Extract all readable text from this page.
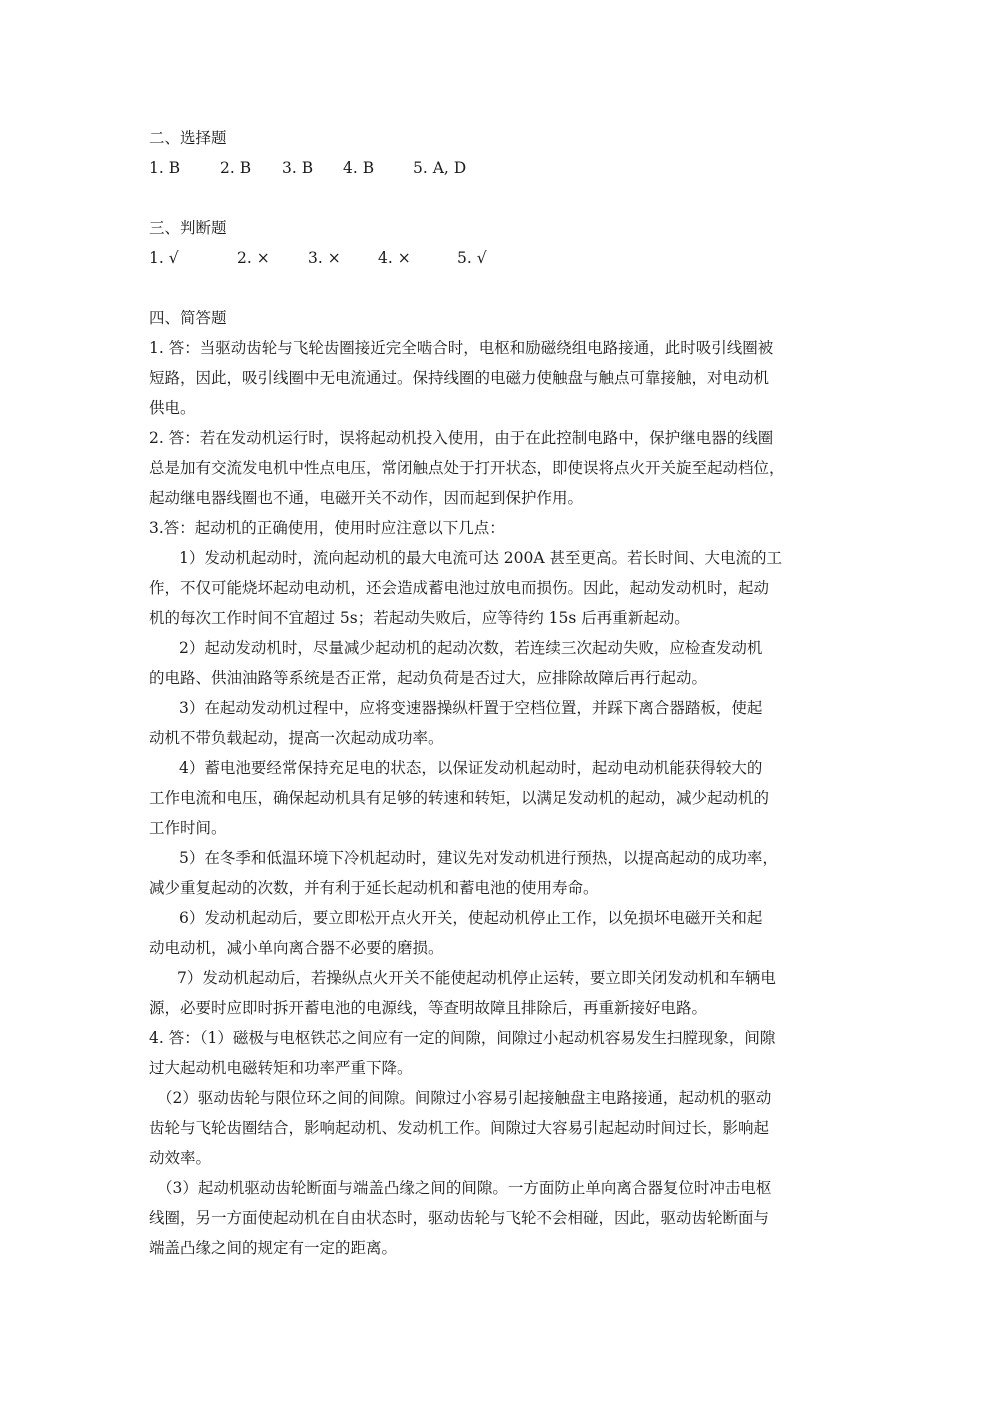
二、选择题
1. B	2. B 3. B 4. B	5. A, D
三、判断题
1. √	2. × 3. × 4. ×	5. √
四、简答题
1. 答：当驱动齿轮与飞轮齿圈接近完全啮合时，电枢和励磁绕组电路接通，此时吸引线圈被
短路，因此，吸引线圈中无电流通过。保持线圈的电磁力使触盘与触点可靠接触，对电动机
供电。
2. 答：若在发动机运行时，误将起动机投入使用，由于在此控制电路中，保护继电器的线圈
总是加有交流发电机中性点电压，常闭触点处于打开状态，即使误将点火开关旋至起动档位，
起动继电器线圈也不通，电磁开关不动作，因而起到保护作用。
3.答：起动机的正确使用，使用时应注意以下几点：
1）发动机起动时，流向起动机的最大电流可达 200A 甚至更高。若长时间、大电流的工
作，不仅可能烧坏起动电动机，还会造成蓄电池过放电而损伤。因此，起动发动机时，起动
机的每次工作时间不宜超过 5s；若起动失败后，应等待约 15s 后再重新起动。
2）起动发动机时，尽量减少起动机的起动次数，若连续三次起动失败，应检查发动机
的电路、供油油路等系统是否正常，起动负荷是否过大，应排除故障后再行起动。
3）在起动发动机过程中，应将变速器操纵杆置于空档位置，并踩下离合器踏板，使起
动机不带负载起动，提高一次起动成功率。
4）蓄电池要经常保持充足电的状态，以保证发动机起动时，起动电动机能获得较大的
工作电流和电压，确保起动机具有足够的转速和转矩，以满足发动机的起动，减少起动机的
工作时间。
5）在冬季和低温环境下冷机起动时，建议先对发动机进行预热，以提高起动的成功率，
减少重复起动的次数，并有利于延长起动机和蓄电池的使用寿命。
6）发动机起动后，要立即松开点火开关，使起动机停止工作，以免损坏电磁开关和起
动电动机，减小单向离合器不必要的磨损。
7）发动机起动后，若操纵点火开关不能使起动机停止运转，要立即关闭发动机和车辆电
源，必要时应即时拆开蓄电池的电源线，等查明故障且排除后，再重新接好电路。
4. 答：（1）磁极与电枢铁芯之间应有一定的间隙，间隙过小起动机容易发生扫膛现象，间隙
过大起动机电磁转矩和功率严重下降。
（2）驱动齿轮与限位环之间的间隙。间隙过小容易引起接触盘主电路接通，起动机的驱动
齿轮与飞轮齿圈结合，影响起动机、发动机工作。间隙过大容易引起起动时间过长，影响起
动效率。
（3）起动机驱动齿轮断面与端盖凸缘之间的间隙。一方面防止单向离合器复位时冲击电枢
线圈，另一方面使起动机在自由状态时，驱动齿轮与飞轮不会相碰，因此，驱动齿轮断面与
端盖凸缘之间的规定有一定的距离。
